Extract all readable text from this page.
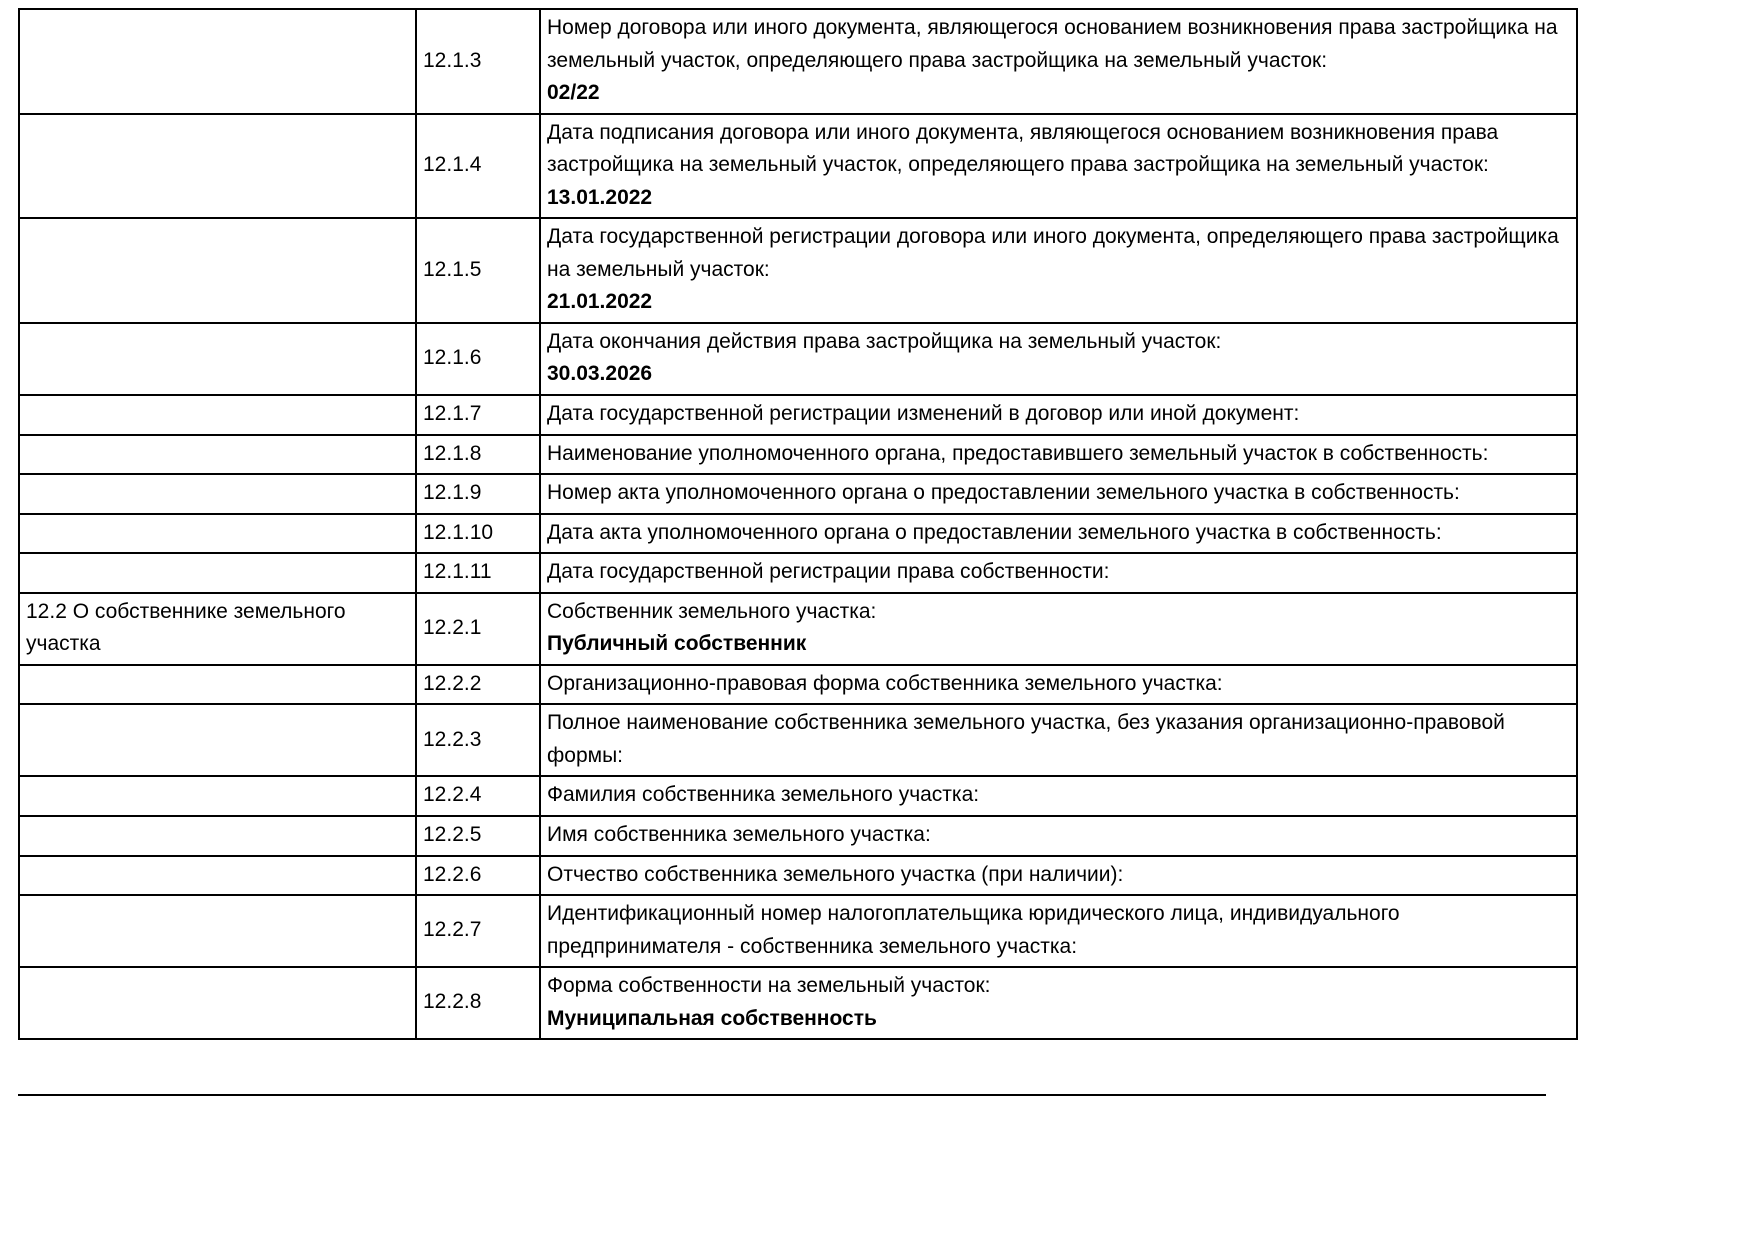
	12.1.3	Номер договора или иного документа, являющегося основанием возникновения права застройщика на земельный участок, определяющего права застройщика на земельный участок:
02/22

	12.1.4	Дата подписания договора или иного документа, являющегося основанием возникновения права застройщика на земельный участок, определяющего права застройщика на земельный участок:
13.01.2022

	12.1.5	Дата государственной регистрации договора или иного документа, определяющего права застройщика на земельный участок:
21.01.2022

	12.1.6	Дата окончания действия права застройщика на земельный участок:
30.03.2026

	12.1.7	Дата государственной регистрации изменений в договор или иной документ:

	12.1.8	Наименование уполномоченного органа, предоставившего земельный участок в собственность:

	12.1.9	Номер акта уполномоченного органа о предоставлении земельного участка в собственность:

	12.1.10	Дата акта уполномоченного органа о предоставлении земельного участка в собственность:

	12.1.11	Дата государственной регистрации права собственности:

12.2 О собственнике земельного участка	12.2.1	Собственник земельного участка:
Публичный собственник

	12.2.2	Организационно-правовая форма собственника земельного участка:

	12.2.3	Полное наименование собственника земельного участка, без указания организационно-правовой формы:

	12.2.4	Фамилия собственника земельного участка:

	12.2.5	Имя собственника земельного участка:

	12.2.6	Отчество собственника земельного участка (при наличии):

	12.2.7	Идентификационный номер налогоплательщика юридического лица, индивидуального предпринимателя - собственника земельного участка:

	12.2.8	Форма собственности на земельный участок:
Муниципальная собственность
